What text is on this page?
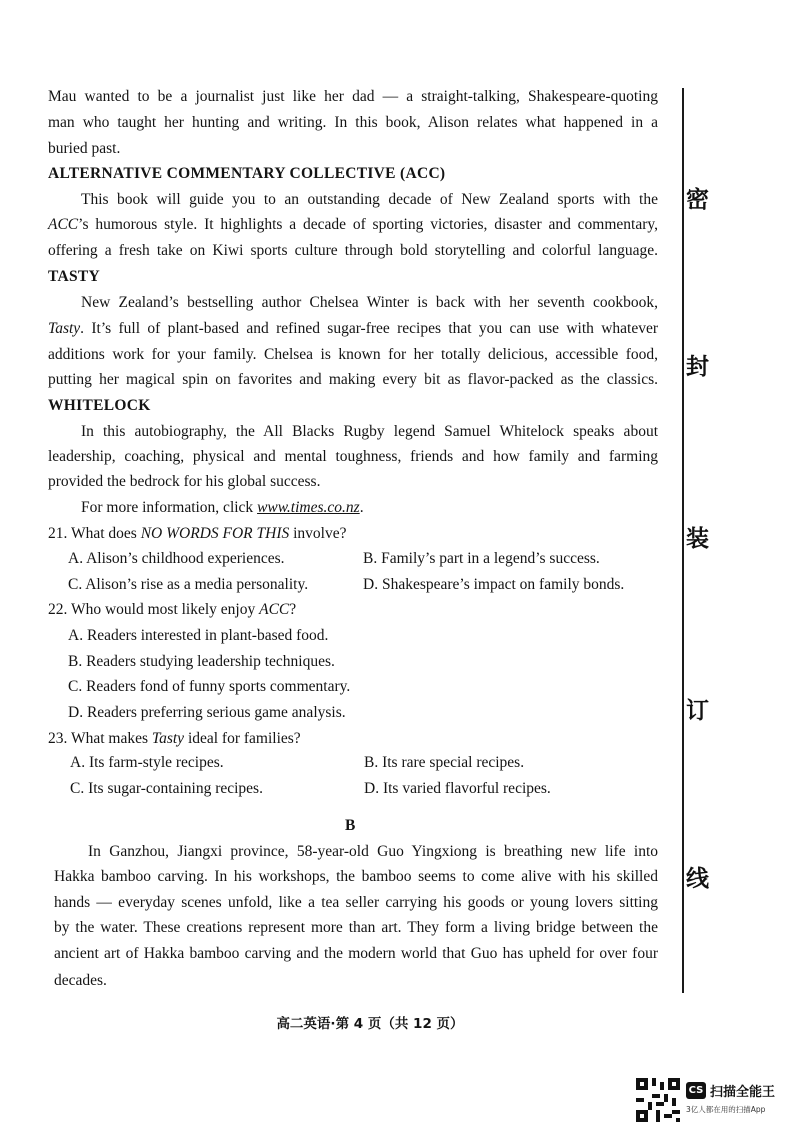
Mau wanted to be a journalist just like her dad — a straight-talking, Shakespeare-quoting

man who taught her hunting and writing. In this book, Alison relates what happened in a

buried past.

ALTERNATIVE COMMENTARY COLLECTIVE (ACC)

This book will guide you to an outstanding decade of New Zealand sports with the

ACC’s humorous style. It highlights a decade of sporting victories, disaster and commentary,

offering a fresh take on Kiwi sports culture through bold storytelling and colorful language.

TASTY

New Zealand’s bestselling author Chelsea Winter is back with her seventh cookbook,

Tasty. It’s full of plant-based and refined sugar-free recipes that you can use with whatever

additions work for your family. Chelsea is known for her totally delicious, accessible food,

putting her magical spin on favorites and making every bit as flavor-packed as the classics.

WHITELOCK

In this autobiography, the All Blacks Rugby legend Samuel Whitelock speaks about

leadership, coaching, physical and mental toughness, friends and how family and farming

provided the bedrock for his global success.

For more information, click www.times.co.nz.

21. What does NO WORDS FOR THIS involve?

A. Alison’s childhood experiences.	B. Family’s part in a legend’s success.

C. Alison’s rise as a media personality.	D. Shakespeare’s impact on family bonds.

22. Who would most likely enjoy ACC?

A. Readers interested in plant-based food.

B. Readers studying leadership techniques.

C. Readers fond of funny sports commentary.

D. Readers preferring serious game analysis.

23. What makes Tasty ideal for families?

A. Its farm-style recipes.	B. Its rare special recipes.

C. Its sugar-containing recipes.	D. Its varied flavorful recipes.

B

In Ganzhou, Jiangxi province, 58-year-old Guo Yingxiong is breathing new life into

Hakka bamboo carving. In his workshops, the bamboo seems to come alive with his skilled

hands — everyday scenes unfold, like a tea seller carrying his goods or young lovers sitting

by the water. These creations represent more than art. They form a living bridge between the

ancient art of Hakka bamboo carving and the modern world that Guo has upheld for over four

decades.

密
封
装
订
线
高二英语·第 4 页（共 12 页）
CS 扫描全能王
3亿人都在用的扫描App
